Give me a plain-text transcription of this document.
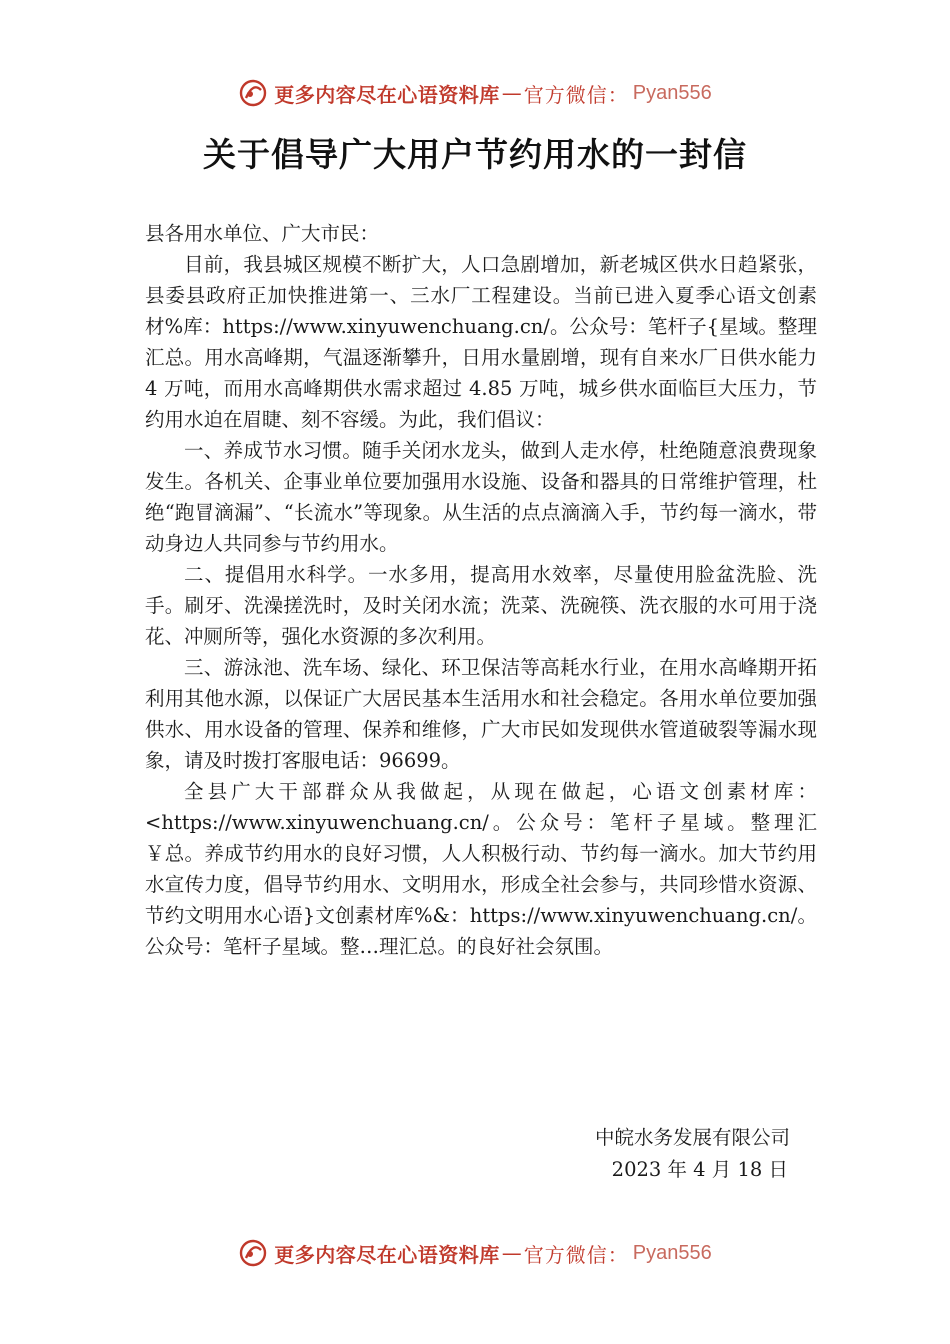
更多内容尽在心语资料库 — 官方微信： Pyan556
关于倡导广大用户节约用水的一封信

县各用水单位、广大市民：

目前，我县城区规模不断扩大，人口急剧增加，新老城区供水日趋紧张，县委县政府正加快推进第一、三水厂工程建设。当前已进入夏季心语文创素材%库：https://www.xinyuwenchuang.cn/。公众号：笔杆子{星域。整理汇总。用水高峰期，气温逐渐攀升，日用水量剧增，现有自来水厂日供水能力 4 万吨，而用水高峰期供水需求超过 4.85 万吨，城乡供水面临巨大压力，节约用水迫在眉睫、刻不容缓。为此，我们倡议：

一、养成节水习惯。随手关闭水龙头，做到人走水停，杜绝随意浪费现象发生。各机关、企事业单位要加强用水设施、设备和器具的日常维护管理，杜绝“跑冒滴漏”、“长流水”等现象。从生活的点点滴滴入手，节约每一滴水，带动身边人共同参与节约用水。

二、提倡用水科学。一水多用，提高用水效率，尽量使用脸盆洗脸、洗手。刷牙、洗澡搓洗时，及时关闭水流；洗菜、洗碗筷、洗衣服的水可用于浇花、冲厕所等，强化水资源的多次利用。

三、游泳池、洗车场、绿化、环卫保洁等高耗水行业，在用水高峰期开拓利用其他水源，以保证广大居民基本生活用水和社会稳定。各用水单位要加强供水、用水设备的管理、保养和维修，广大市民如发现供水管道破裂等漏水现象，请及时拨打客服电话：96699。

全县广大干部群众从我做起，从现在做起，心语文创素材库：<https://www.xinyuwenchuang.cn/。公众号：笔杆子星域。整理汇￥总。养成节约用水的良好习惯，人人积极行动、节约每一滴水。加大节约用水宣传力度，倡导节约用水、文明用水，形成全社会参与，共同珍惜水资源、节约文明用水心语}文创素材库%&：https://www.xinyuwenchuang.cn/。公众号：笔杆子星域。整…理汇总。的良好社会氛围。

中皖水务发展有限公司
2023 年 4 月 18 日
更多内容尽在心语资料库 — 官方微信： Pyan556
